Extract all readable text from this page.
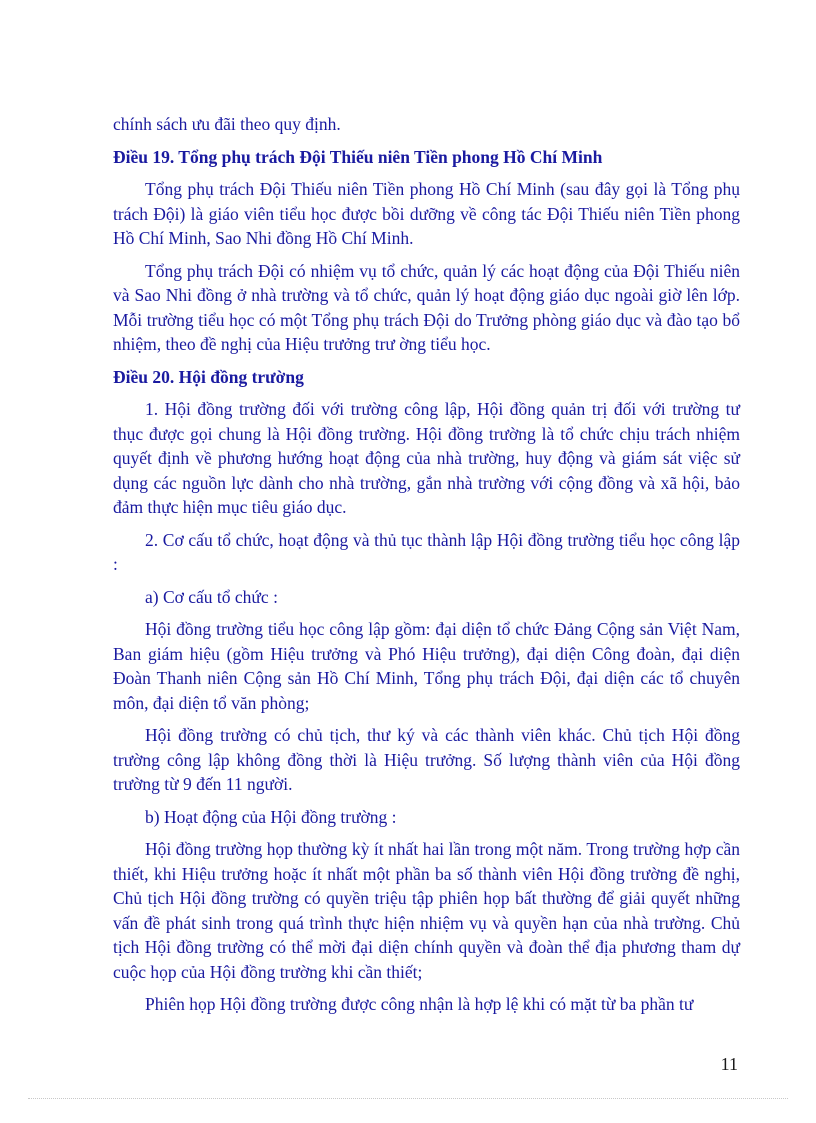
chính sách ưu đãi theo quy định.

Điều 19. Tổng phụ trách Đội Thiếu niên Tiền phong Hồ Chí Minh

Tổng phụ trách Đội Thiếu niên Tiền phong Hồ Chí Minh (sau đây gọi là Tổng phụ trách Đội) là giáo viên tiểu học được bồi dưỡng về công tác Đội Thiếu niên Tiền phong Hồ Chí Minh, Sao Nhi đồng Hồ Chí Minh.

Tổng phụ trách Đội có nhiệm vụ tổ chức, quản lý các hoạt động của Đội Thiếu niên và Sao Nhi đồng ở nhà trường và tổ chức, quản lý hoạt động giáo dục ngoài giờ lên lớp. Mỗi trường tiểu học có một Tổng phụ trách Đội do Trưởng phòng giáo dục và đào tạo bổ nhiệm, theo đề nghị của Hiệu trưởng trư ờng tiểu học.

Điều 20. Hội đồng trường

1. Hội đồng trường đối với trường công lập, Hội đồng quản trị đối với trường tư thục được gọi chung là Hội đồng trường. Hội đồng trường là tổ chức chịu trách nhiệm quyết định về phương hướng hoạt động của nhà trường, huy động và giám sát việc sử dụng các nguồn lực dành cho nhà trường, gắn nhà trường với cộng đồng và xã hội, bảo đảm thực hiện mục tiêu giáo dục.

2. Cơ cấu tổ chức, hoạt động và thủ tục thành lập Hội đồng trường tiểu học công lập :

a) Cơ cấu tổ chức :

Hội đồng trường tiểu học công lập gồm: đại diện tổ chức Đảng Cộng sản Việt Nam, Ban giám hiệu (gồm Hiệu trưởng và Phó Hiệu trưởng), đại diện Công đoàn, đại diện Đoàn Thanh niên Cộng sản Hồ Chí Minh, Tổng phụ trách Đội, đại diện các tổ chuyên môn, đại diện tổ văn phòng;

Hội đồng trường có chủ tịch, thư ký và các thành viên khác. Chủ tịch Hội đồng trường công lập không đồng thời là Hiệu trưởng. Số lượng thành viên của Hội đồng trường từ 9 đến 11 người.

b) Hoạt động của Hội đồng trường :

Hội đồng trường họp thường kỳ ít nhất hai lần trong một năm. Trong trường hợp cần thiết, khi Hiệu trưởng hoặc ít nhất một phần ba số thành viên Hội đồng trường đề nghị, Chủ tịch Hội đồng trường có quyền triệu tập phiên họp bất thường để giải quyết những vấn đề phát sinh trong quá trình thực hiện nhiệm vụ và quyền hạn của nhà trường. Chủ tịch Hội đồng trường có thể mời đại diện chính quyền và đoàn thể địa phương tham dự cuộc họp của Hội đồng trường khi cần thiết;

Phiên họp Hội đồng trường được công nhận là hợp lệ khi có mặt từ ba phần tư

11
